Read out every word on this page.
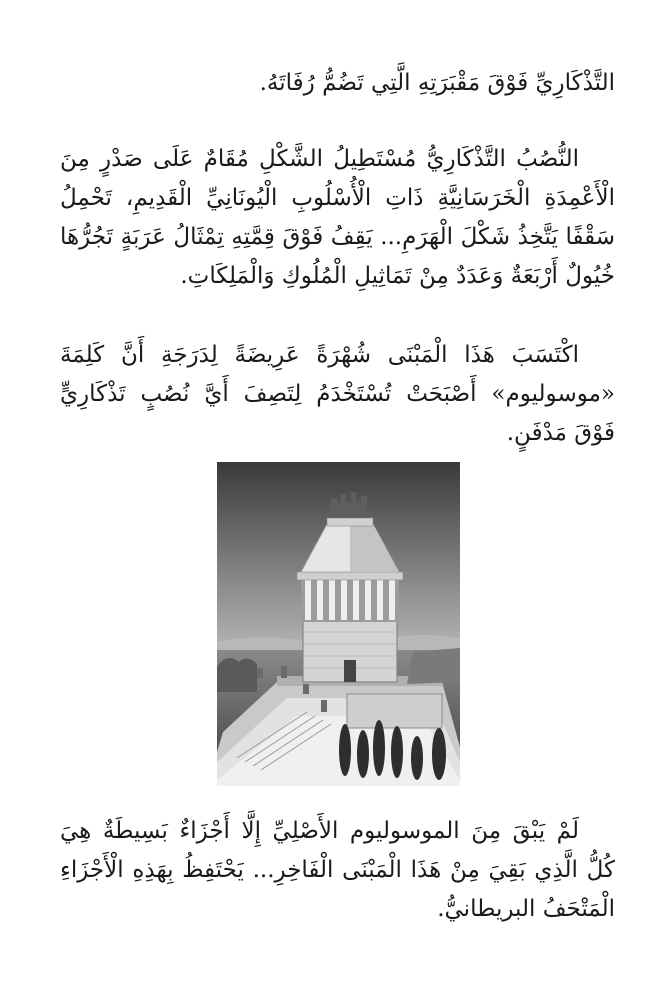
التَّذْكَارِيِّ فَوْقَ مَقْبَرَتِهِ الَّتِي تَضُمُّ رُفَاتَهُ.

النُّصُبُ التَّذْكَارِيُّ مُسْتَطِيلُ الشَّكْلِ مُقَامٌ عَلَى صَدْرٍ مِنَ الْأَعْمِدَةِ الْخَرَسَانِيَّةِ ذَاتِ الْأُسْلُوبِ الْيُونَانِيِّ الْقَدِيمِ، تَحْمِلُ سَقْفًا يَتَّخِذُ شَكْلَ الْهَرَمِ... يَقِفُ فَوْقَ قِمَّتِهِ تِمْثَالُ عَرَبَةٍ تَجُرُّهَا خُيُولٌ أَرْبَعَةٌ وَعَدَدٌ مِنْ تَمَاثِيلِ الْمُلُوكِ وَالْمَلِكَاتِ.

اكْتَسَبَ هَذَا الْمَبْنَى شُهْرَةً عَرِيضَةً لِدَرَجَةِ أَنَّ كَلِمَةَ «موسوليوم» أَصْبَحَتْ تُسْتَخْدَمُ لِتَصِفَ أَيَّ نُصُبٍ تَذْكَارِيٍّ فَوْقَ مَدْفَنٍ.

لَمْ يَبْقَ مِنَ الموسوليوم الأَصْلِيِّ إِلَّا أَجْزَاءٌ بَسِيطَةٌ هِيَ كُلُّ الَّذِي بَقِيَ مِنْ هَذَا الْمَبْنَى الْفَاخِرِ... يَحْتَفِظُ بِهَذِهِ الْأَجْزَاءِ الْمَتْحَفُ البريطانيُّ.
